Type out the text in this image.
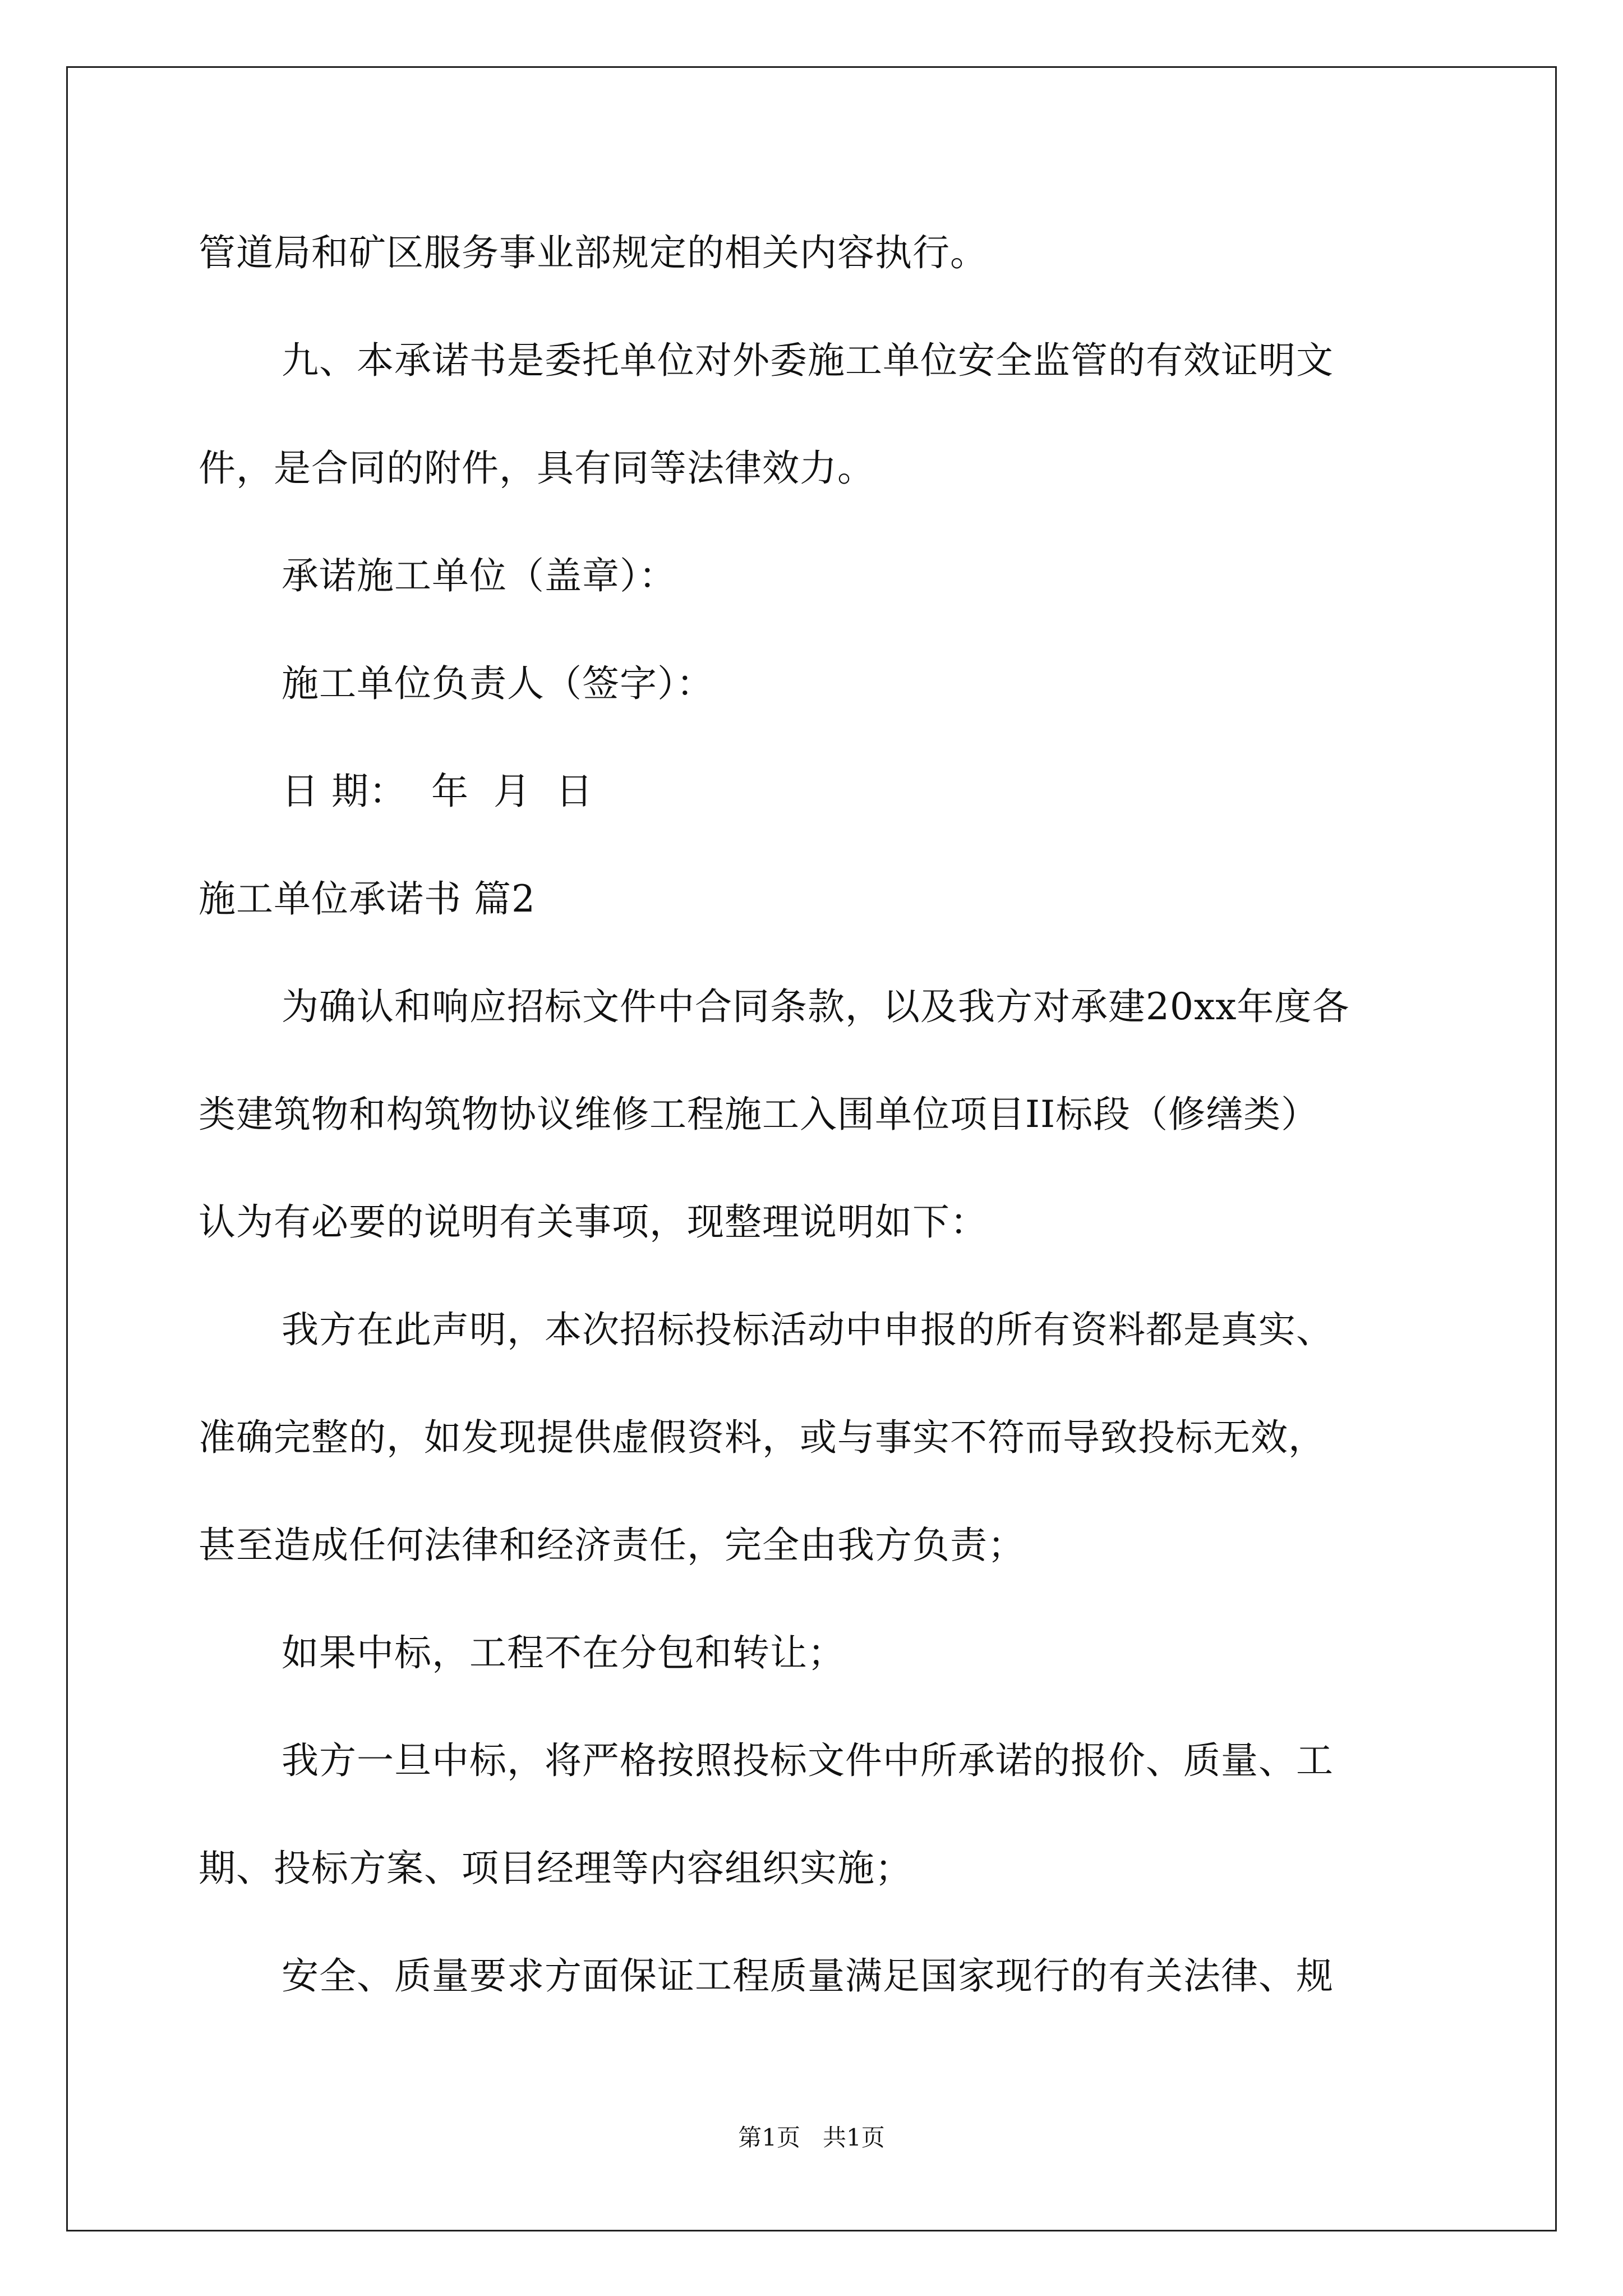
管道局和矿区服务事业部规定的相关内容执行。
九、本承诺书是委托单位对外委施工单位安全监管的有效证明文
件，是合同的附件，具有同等法律效力。
承诺施工单位（盖章）：
施工单位负责人（签字）：
日 期：  年  月  日
施工单位承诺书 篇2
为确认和响应招标文件中合同条款，以及我方对承建20xx年度各
类建筑物和构筑物协议维修工程施工入围单位项目II标段（修缮类）
认为有必要的说明有关事项，现整理说明如下：
我方在此声明，本次招标投标活动中申报的所有资料都是真实、
准确完整的，如发现提供虚假资料，或与事实不符而导致投标无效，
甚至造成任何法律和经济责任，完全由我方负责；
如果中标，工程不在分包和转让；
我方一旦中标，将严格按照投标文件中所承诺的报价、质量、工
期、投标方案、项目经理等内容组织实施；
安全、质量要求方面保证工程质量满足国家现行的有关法律、规
第1页   共1页
